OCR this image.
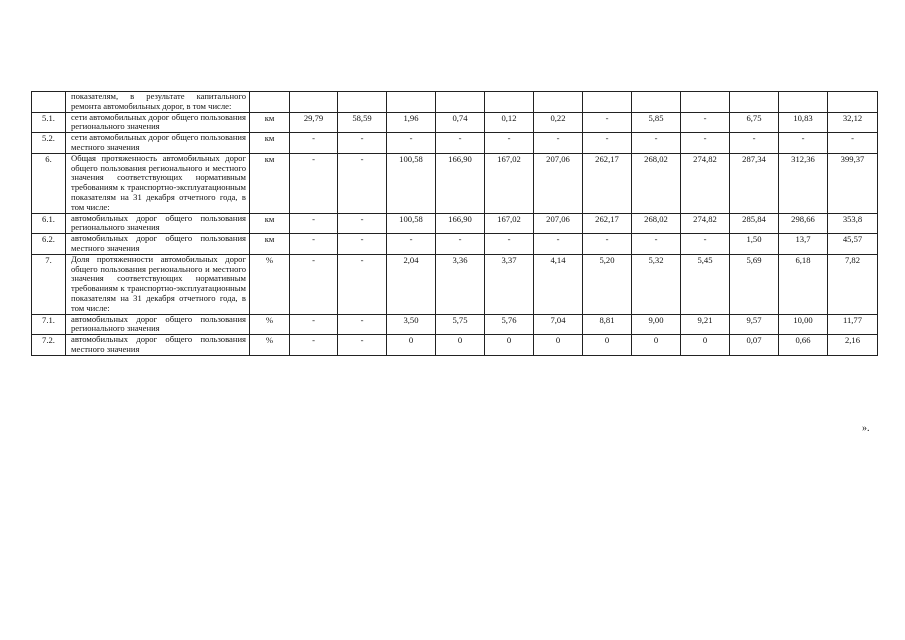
	показателям, в результате капитального ремонта автомобильных дорог, в том числе:													
5.1.	сети автомобильных дорог общего пользования регионального значения	км	29,79	58,59	1,96	0,74	0,12	0,22	-	5,85	-	6,75	10,83	32,12
5.2.	сети автомобильных дорог общего пользования местного значения	км	-	-	-	-	-	-	-	-	-	-	-	-
6.	Общая протяженность автомобильных дорог общего пользования регионального и местного значения соответствующих нормативным требованиям к транспортно-эксплуатационным показателям на 31 декабря отчетного года, в том числе:	км	-	-	100,58	166,90	167,02	207,06	262,17	268,02	274,82	287,34	312,36	399,37
6.1.	автомобильных дорог общего пользования регионального значения	км	-	-	100,58	166,90	167,02	207,06	262,17	268,02	274,82	285,84	298,66	353,8
6.2.	автомобильных дорог общего пользования местного значения	км	-	-	-	-	-	-	-	-	-	1,50	13,7	45,57
7.	Доля протяженности автомобильных дорог общего пользования регионального и местного значения соответствующих нормативным требованиям к транспортно-эксплуатационным показателям на 31 декабря отчетного года, в том числе:	%	-	-	2,04	3,36	3,37	4,14	5,20	5,32	5,45	5,69	6,18	7,82
7.1.	автомобильных дорог общего пользования регионального значения	%	-	-	3,50	5,75	5,76	7,04	8,81	9,00	9,21	9,57	10,00	11,77
7.2.	автомобильных дорог общего пользования местного значения	%	-	-	0	0	0	0	0	0	0	0,07	0,66	2,16
».
